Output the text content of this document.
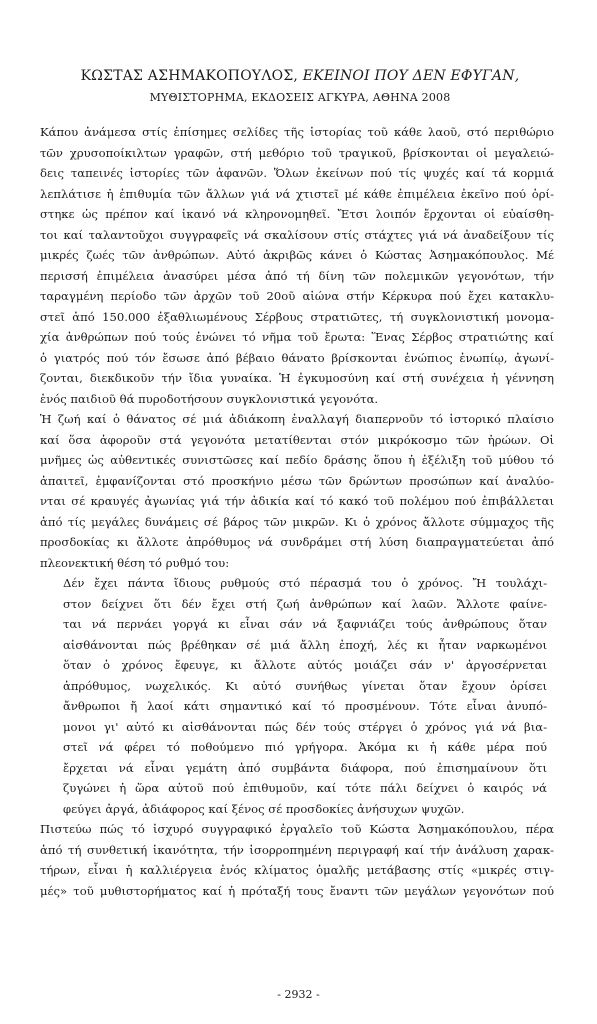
ΚΩΣΤΑΣ ΑΣΗΜΑΚΟΠΟΥΛΟΣ, ΕΚΕΙΝΟΙ ΠΟΥ ΔΕΝ ΕΦΥΓΑΝ,
ΜΥΘΙΣΤΟΡΗΜΑ, ΕΚΔΟΣΕΙΣ ΑΓΚΥΡΑ, ΑΘΗΝΑ 2008
Κάπου ἀνάμεσα στίς ἐπίσημες σελίδες τῆς ἱστορίας τοῦ κάθε λαοῦ, στό περιθώριο
τῶν χρυσοποίκιλτων γραφῶν, στή μεθόριο τοῦ τραγικοῦ, βρίσκονται οἱ μεγαλειώ-
δεις ταπεινές ἱστορίες τῶν ἀφανῶν. Ὅλων ἐκείνων πού τίς ψυχές καί τά κορμιά
λεπλάτισε ἡ ἐπιθυμία τῶν ἄλλων γιά νά χτιστεῖ μέ κάθε ἐπιμέλεια ἐκεῖνο πού ὁρί-
στηκε ὡς πρέπον καί ἱκανό νά κληρονομηθεῖ. Ἔτσι λοιπόν ἔρχονται οἱ εὐαίσθη-
τοι καί ταλαντοῦχοι συγγραφεῖς νά σκαλίσουν στίς στάχτες γιά νά ἀναδείξουν τίς
μικρές ζωές τῶν ἀνθρώπων. Αὐτό ἀκριβῶς κάνει ὁ Κώστας Ἀσημακόπουλος. Μέ
περισσή ἐπιμέλεια ἀνασύρει μέσα ἀπό τή δίνη τῶν πολεμικῶν γεγονότων, τήν
ταραγμένη περίοδο τῶν ἀρχῶν τοῦ 20οῦ αἰώνα στήν Κέρκυρα πού ἔχει κατακλυ-
στεῖ ἀπό 150.000 ἐξαθλιωμένους Σέρβους στρατιῶτες, τή συγκλονιστική μονομα-
χία ἀνθρώπων πού τούς ἑνώνει τό νῆμα τοῦ ἔρωτα: Ἕνας Σέρβος στρατιώτης καί
ὁ γιατρός πού τόν ἔσωσε ἀπό βέβαιο θάνατο βρίσκονται ἐνώπιος ἐνωπίῳ, ἀγωνί-
ζονται, διεκδικοῦν τήν ἴδια γυναίκα. Ἡ ἐγκυμοσύνη καί στή συνέχεια ἡ γέννηση
ἑνός παιδιοῦ θά πυροδοτήσουν συγκλονιστικά γεγονότα.
Ἡ ζωή καί ὁ θάνατος σέ μιά ἀδιάκοπη ἐναλλαγή διαπερνοῦν τό ἱστορικό πλαίσιο
καί ὅσα ἀφοροῦν στά γεγονότα μετατίθενται στόν μικρόκοσμο τῶν ἡρώων. Οἱ
μνῆμες ὡς αὐθεντικές συνιστῶσες καί πεδίο δράσης ὅπου ἡ ἐξέλιξη τοῦ μύθου τό
ἀπαιτεῖ, ἐμφανίζονται στό προσκήνιο μέσω τῶν δρώντων προσώπων καί ἀναλύο-
νται σέ κραυγές ἀγωνίας γιά τήν ἀδικία καί τό κακό τοῦ πολέμου πού ἐπιβάλλεται
ἀπό τίς μεγάλες δυνάμεις σέ βάρος τῶν μικρῶν. Κι ὁ χρόνος ἄλλοτε σύμμαχος τῆς
προσδοκίας κι ἄλλοτε ἀπρόθυμος νά συνδράμει στή λύση διαπραγματεύεται ἀπό
πλεονεκτική θέση τό ρυθμό του:
Δέν ἔχει πάντα ἴδιους ρυθμούς στό πέρασμά του ὁ χρόνος. Ἤ τουλάχι-
στον δείχνει ὅτι δέν ἔχει στή ζωή ἀνθρώπων καί λαῶν. Ἄλλοτε φαίνε-
ται νά περνάει γοργά κι εἶναι σάν νά ξαφνιάζει τούς ἀνθρώπους ὅταν
αἰσθάνονται πώς βρέθηκαν σέ μιά ἄλλη ἐποχή, λές κι ἦταν ναρκωμένοι
ὅταν ὁ χρόνος ἔφευγε, κι ἄλλοτε αὐτός μοιάζει σάν ν' ἀργοσέρνεται
ἀπρόθυμος, νωχελικός. Κι αὐτό συνήθως γίνεται ὅταν ἔχουν ὁρίσει
ἄνθρωποι ἤ λαοί κάτι σημαντικό καί τό προσμένουν. Τότε εἶναι ἀνυπό-
μονοι γι' αὐτό κι αἰσθάνονται πώς δέν τούς στέργει ὁ χρόνος γιά νά βια-
στεῖ νά φέρει τό ποθούμενο πιό γρήγορα. Ἀκόμα κι ἡ κάθε μέρα πού
ἔρχεται νά εἶναι γεμάτη ἀπό συμβάντα διάφορα, πού ἐπισημαίνουν ὅτι
ζυγώνει ἡ ὥρα αὐτοῦ πού ἐπιθυμοῦν, καί τότε πάλι δείχνει ὁ καιρός νά
φεύγει ἀργά, ἀδιάφορος καί ξένος σέ προσδοκίες ἀνήσυχων ψυχῶν.
Πιστεύω πώς τό ἰσχυρό συγγραφικό ἐργαλεῖο τοῦ Κώστα Ἀσημακόπουλου, πέρα
ἀπό τή συνθετική ἱκανότητα, τήν ἰσορροπημένη περιγραφή καί τήν ἀνάλυση χαρακ-
τήρων, εἶναι ἡ καλλιέργεια ἑνός κλίματος ὁμαλῆς μετάβασης στίς «μικρές στιγ-
μές» τοῦ μυθιστορήματος καί ἡ πρόταξή τους ἔναντι τῶν μεγάλων γεγονότων πού
- 2932 -
